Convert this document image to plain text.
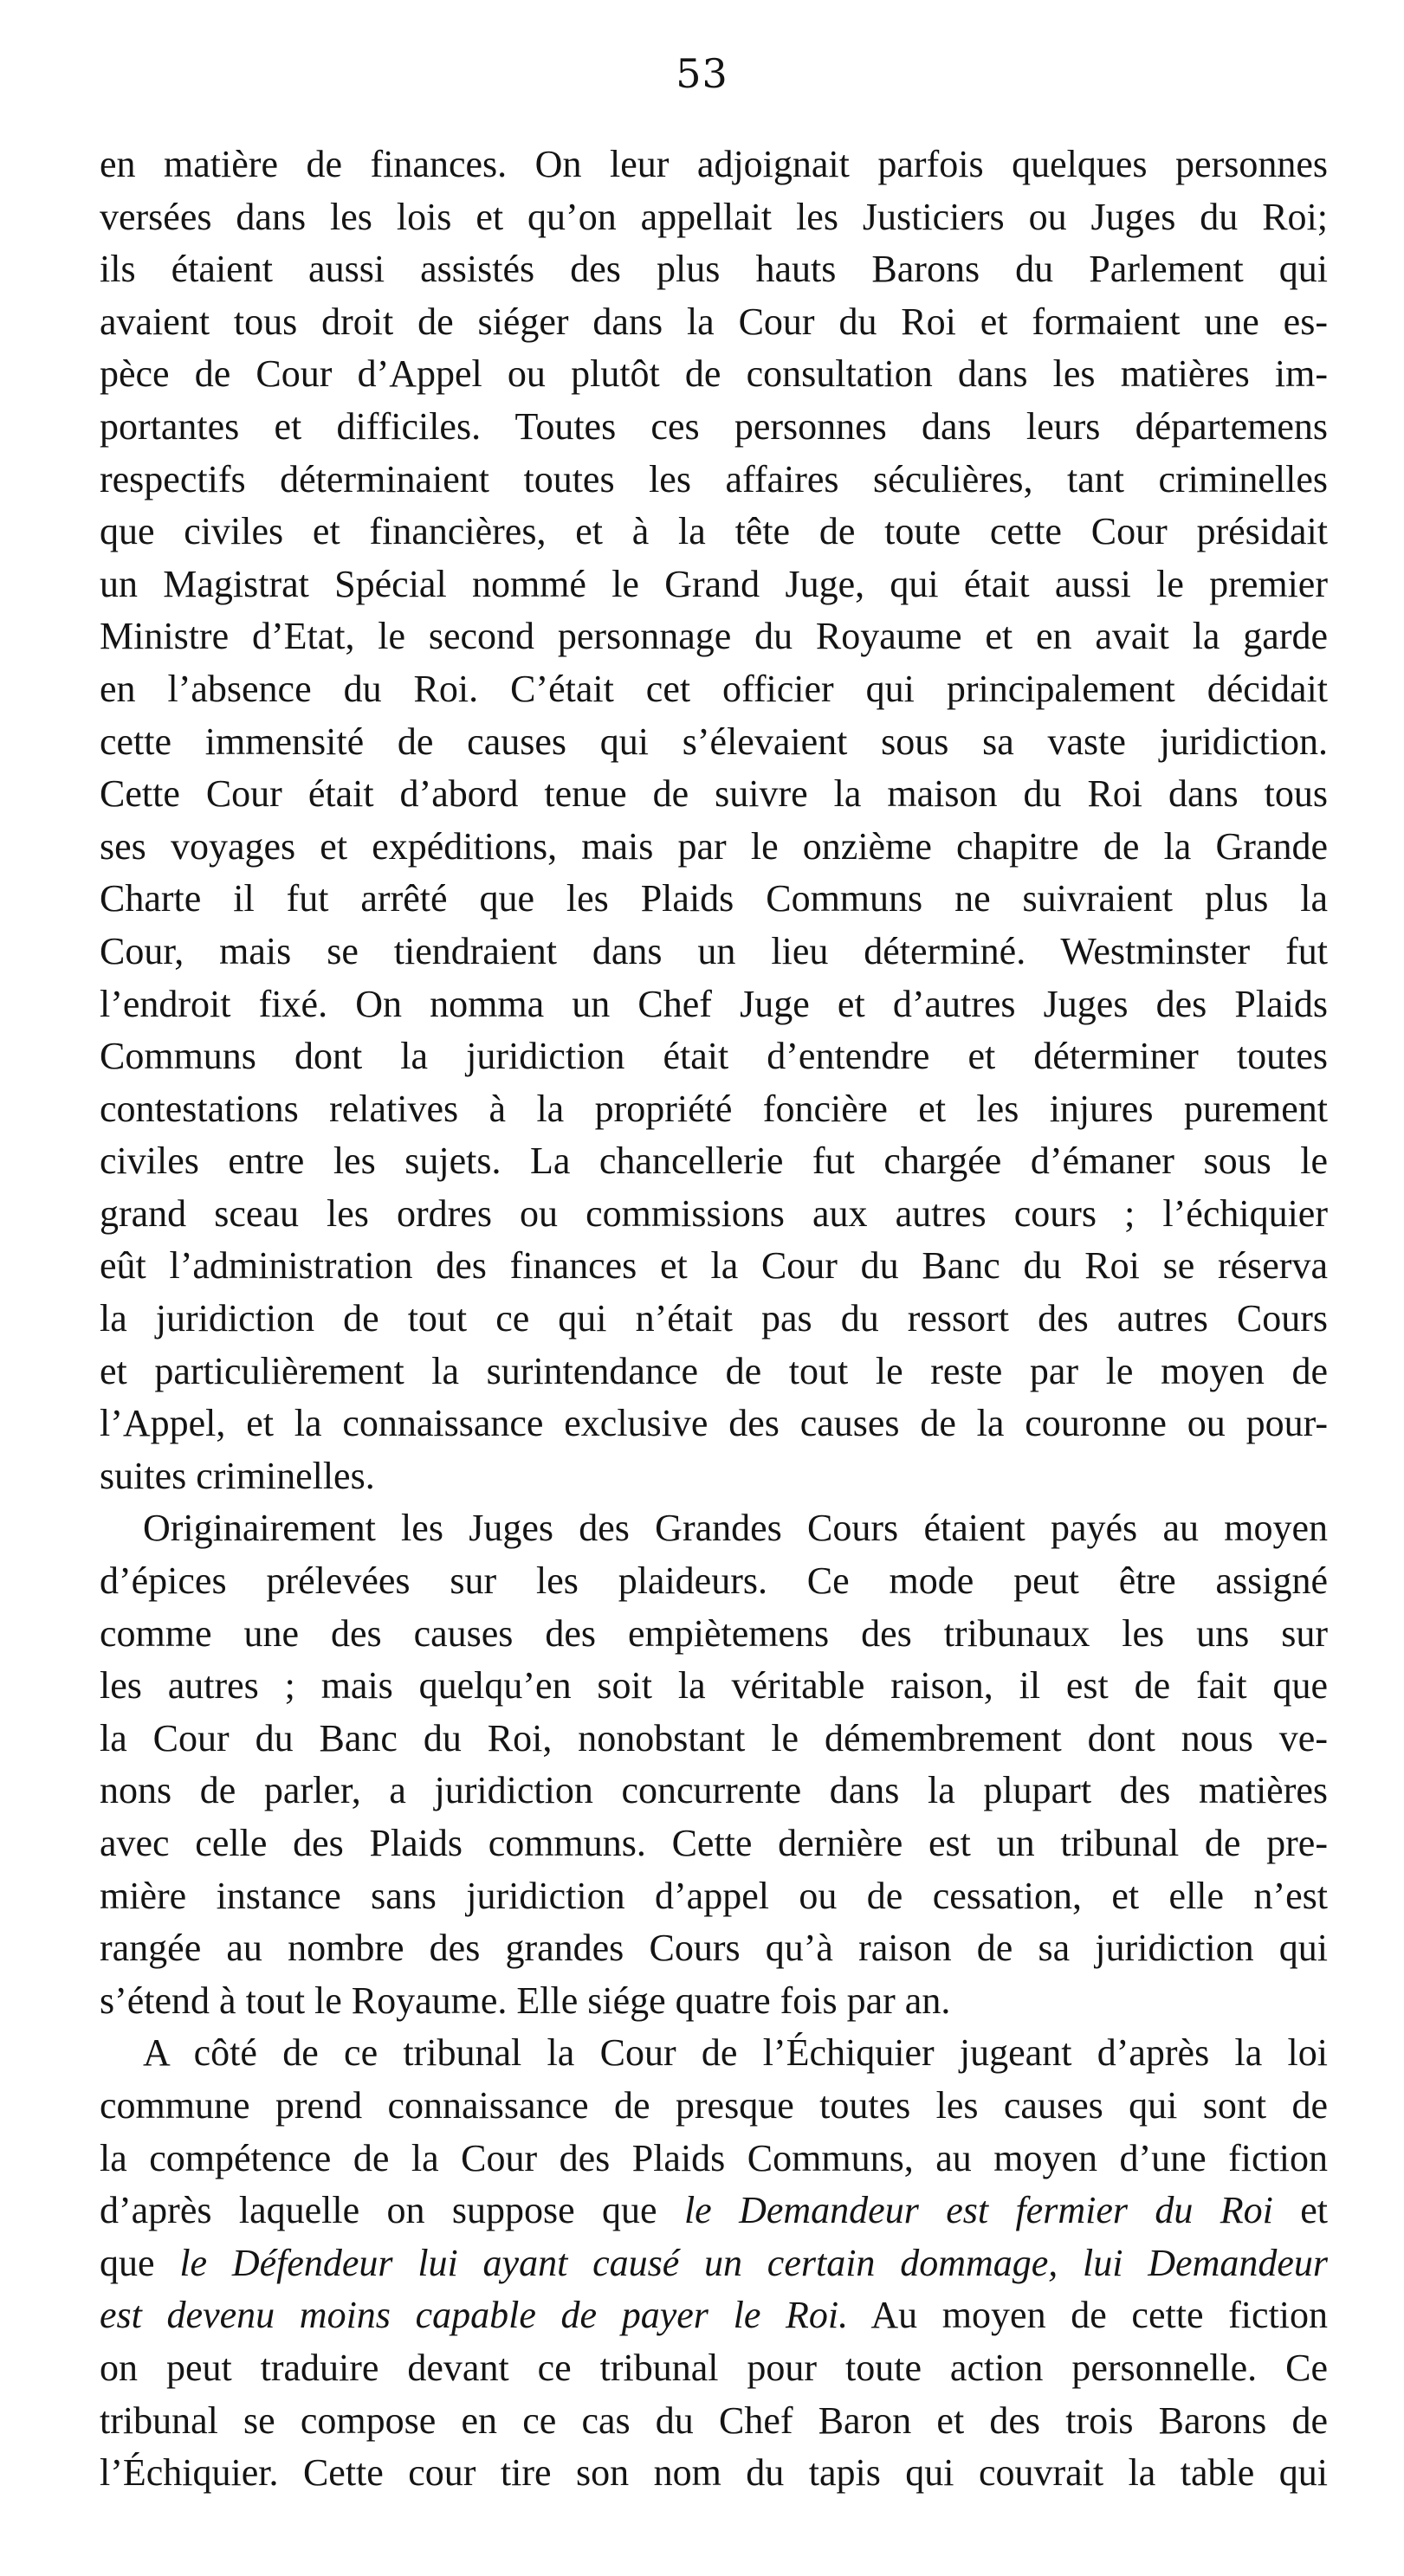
53
en matière de finances. On leur adjoignait parfois quelques personnes
versées dans les lois et qu’on appellait les Justiciers ou Juges du Roi;
ils étaient aussi assistés des plus hauts Barons du Parlement qui
avaient tous droit de siéger dans la Cour du Roi et formaient une es-
pèce de Cour d’Appel ou plutôt de consultation dans les matières im-
portantes et difficiles. Toutes ces personnes dans leurs départemens
respectifs déterminaient toutes les affaires séculières, tant criminelles
que civiles et financières, et à la tête de toute cette Cour présidait
un Magistrat Spécial nommé le Grand Juge, qui était aussi le premier
Ministre d’Etat, le second personnage du Royaume et en avait la garde
en l’absence du Roi. C’était cet officier qui principalement décidait
cette immensité de causes qui s’élevaient sous sa vaste juridiction.
Cette Cour était d’abord tenue de suivre la maison du Roi dans tous
ses voyages et expéditions, mais par le onzième chapitre de la Grande
Charte il fut arrêté que les Plaids Communs ne suivraient plus la
Cour, mais se tiendraient dans un lieu déterminé. Westminster fut
l’endroit fixé. On nomma un Chef Juge et d’autres Juges des Plaids
Communs dont la juridiction était d’entendre et déterminer toutes
contestations relatives à la propriété foncière et les injures purement
civiles entre les sujets. La chancellerie fut chargée d’émaner sous le
grand sceau les ordres ou commissions aux autres cours ; l’échiquier
eût l’administration des finances et la Cour du Banc du Roi se réserva
la juridiction de tout ce qui n’était pas du ressort des autres Cours
et particulièrement la surintendance de tout le reste par le moyen de
l’Appel, et la connaissance exclusive des causes de la couronne ou pour-
suites criminelles.
Originairement les Juges des Grandes Cours étaient payés au moyen
d’épices prélevées sur les plaideurs. Ce mode peut être assigné
comme une des causes des empiètemens des tribunaux les uns sur
les autres ; mais quelqu’en soit la véritable raison, il est de fait que
la Cour du Banc du Roi, nonobstant le démembrement dont nous ve-
nons de parler, a juridiction concurrente dans la plupart des matières
avec celle des Plaids communs. Cette dernière est un tribunal de pre-
mière instance sans juridiction d’appel ou de cessation, et elle n’est
rangée au nombre des grandes Cours qu’à raison de sa juridiction qui
s’étend à tout le Royaume. Elle siége quatre fois par an.
A côté de ce tribunal la Cour de l’Échiquier jugeant d’après la loi
commune prend connaissance de presque toutes les causes qui sont de
la compétence de la Cour des Plaids Communs, au moyen d’une fiction
d’après laquelle on suppose que le Demandeur est fermier du Roi et
que le Défendeur lui ayant causé un certain dommage, lui Demandeur
est devenu moins capable de payer le Roi. Au moyen de cette fiction
on peut traduire devant ce tribunal pour toute action personnelle. Ce
tribunal se compose en ce cas du Chef Baron et des trois Barons de
l’Échiquier. Cette cour tire son nom du tapis qui couvrait la table qui
